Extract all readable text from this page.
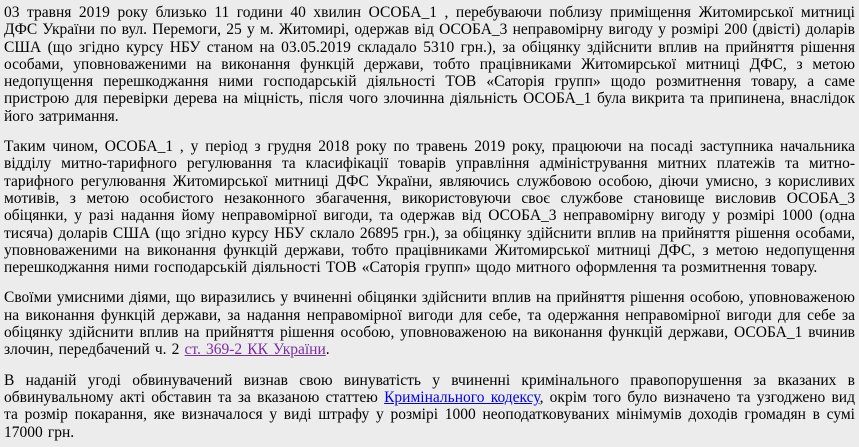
03 травня 2019 року близько 11 години 40 хвилин ОСОБА_1 , перебуваючи поблизу приміщення Житомирської митниці ДФС України по вул. Перемоги, 25 у м. Житомирі, одержав від ОСОБА_3 неправомірну вигоду у розмірі 200 (двісті) доларів США (що згідно курсу НБУ станом на 03.05.2019 складало 5310 грн.), за обіцянку здійснити вплив на прийняття рішення особами, уповноваженими на виконання функцій держави, тобто працівниками Житомирської митниці ДФС, з метою недопущення перешкоджання ними господарській діяльності ТОВ «Саторія групп» щодо розмитнення товару, а саме пристрою для перевірки дерева на міцність, після чого злочинна діяльність ОСОБА_1 була викрита та припинена, внаслідок його затримання.

Таким чином, ОСОБА_1 , у період з грудня 2018 року по травень 2019 року, працюючи на посаді заступника начальника відділу митно-тарифного регулювання та класифікації товарів управління адміністрування митних платежів та митно-тарифного регулювання Житомирської митниці ДФС України, являючись службовою особою, діючи умисно, з корисливих мотивів, з метою особистого незаконного збагачення, використовуючи своє службове становище висловив ОСОБА_3 обіцянки, у разі надання йому неправомірної вигоди, та одержав від ОСОБА_3 неправомірну вигоду у розмірі 1000 (одна тисяча) доларів США (що згідно курсу НБУ склало 26895 грн.), за обіцянку здійснити вплив на прийняття рішення особами, уповноваженими на виконання функцій держави, тобто працівниками Житомирської митниці ДФС, з метою недопущення перешкоджання ними господарській діяльності ТОВ «Саторія групп» щодо митного оформлення та розмитнення товару.

Своїми умисними діями, що виразились у вчиненні обіцянки здійснити вплив на прийняття рішення особою, уповноваженою на виконання функцій держави, за надання неправомірної вигоди для себе, та одержання неправомірної вигоди для себе за обіцянку здійснити вплив на прийняття рішення особою, уповноваженою на виконання функцій держави, ОСОБА_1 вчинив злочин, передбачений ч. 2 ст. 369-2 КК України.

В наданій угоді обвинувачений визнав свою винуватість у вчиненні кримінального правопорушення за вказаних в обвинувальному акті обставин та за вказаною статтею Кримінального кодексу, окрім того було визначено та узгоджено вид та розмір покарання, яке визначалося у виді штрафу у розмірі 1000 неоподатковуваних мінімумів доходів громадян в сумі 17000 грн.
